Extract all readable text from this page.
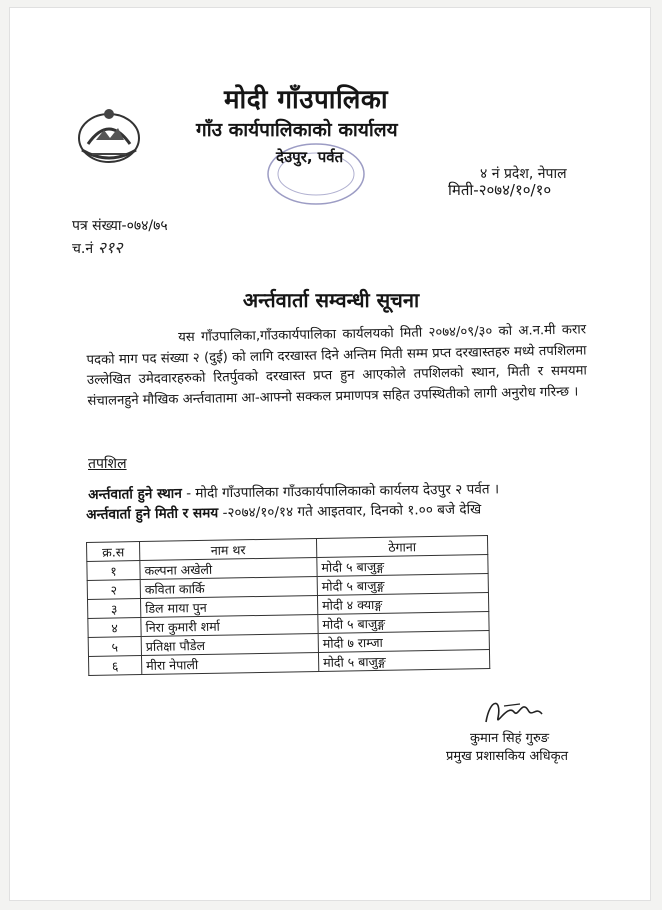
मोदी गाँउपालिका
गाँउ कार्यपालिकाको कार्यालय
देउपुर, पर्वत
४ नं प्रदेश, नेपाल
मिती-२०७४/१०/१०
पत्र संख्या-०७४/७५
च.नं २१२
अर्न्तवार्ता सम्वन्धी सूचना
यस गाँउपालिका,गाँउकार्यपालिका कार्यलयको मिती २०७४/०९/३० को अ.न.मी करार पदको माग पद संख्या २ (दुई) को लागि दरखास्त दिने अन्तिम मिती सम्म प्रप्त दरखास्तहरु मध्ये तपशिलमा उल्लेखित उमेदवारहरुको रितर्पुवको दरखास्त प्रप्त हुन आएकोले तपशिलको स्थान, मिती र समयमा संचालनहुने मौखिक अर्न्तवातामा आ-आफ्नो सक्कल प्रमाणपत्र सहित उपस्थितीको लागी अनुरोध गरिन्छ ।
तपशिल
अर्न्तवार्ता हुने स्थान - मोदी गाँउपालिका गाँउकार्यपालिकाको कार्यलय देउपुर २ पर्वत ।
अर्न्तवार्ता हुने मिती र समय -२०७४/१०/१४ गते आइतवार, दिनको १.०० बजे देखि
क्र.स	नाम थर	ठेगाना
१	कल्पना अखेली	मोदी ५ बाजुङ्ग
२	कविता कार्कि	मोदी ५ बाजुङ्ग
३	डिल माया पुन	मोदी ४ क्याङ्ग
४	निरा कुमारी शर्मा	मोदी ५ बाजुङ्ग
५	प्रतिक्षा पौडेल	मोदी ७ राम्जा
६	मीरा नेपाली	मोदी ५ बाजुङ्ग
कुमान सिहं गुरुङ
प्रमुख प्रशासकिय अधिकृत
